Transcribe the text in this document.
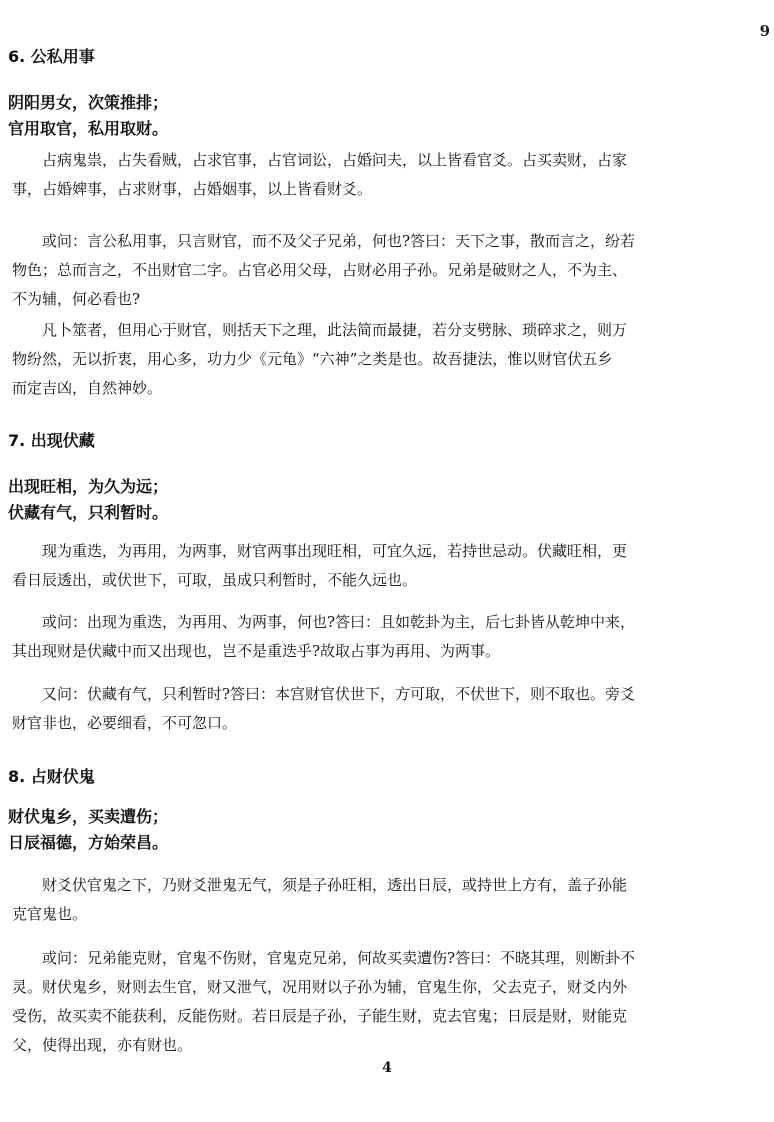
9
6. 公私用事
阴阳男女，次策推排；
官用取官，私用取财。
　　占病鬼祟，占失看贼，占求官事，占官词讼，占婚问夫，以上皆看官爻。占买卖财，占家
事，占婚婢事，占求财事，占婚姻事，以上皆看财爻。
　　或问：言公私用事，只言财官，而不及父子兄弟，何也?答曰：天下之事，散而言之，纷若
物色；总而言之，不出财官二字。占官必用父母，占财必用子孙。兄弟是破财之人，不为主、
不为辅，何必看也?
　　凡卜筮者，但用心于财官，则括天下之理，此法简而最捷，若分支劈脉、琐碎求之，则万
物纷然，无以折衷，用心多，功力少《元龟》“六神”之类是也。故吾捷法，惟以财官伏五乡
而定吉凶，自然神妙。
7. 出现伏藏
出现旺相，为久为远；
伏藏有气，只利暂时。
　　现为重迭，为再用，为两事，财官两事出现旺相，可宜久远，若持世忌动。伏藏旺相，更
看日辰透出，或伏世下，可取，虽成只利暂时，不能久远也。
　　或问：出现为重迭，为再用、为两事，何也?答曰：且如乾卦为主，后七卦皆从乾坤中来，
其出现财是伏藏中而又出现也，岂不是重迭乎?故取占事为再用、为两事。
　　又问：伏藏有气，只利暂时?答曰：本宫财官伏世下，方可取，不伏世下，则不取也。旁爻
财官非也，必要细看，不可忽口。
8. 占财伏鬼
财伏鬼乡，买卖遭伤；
日辰福德，方始荣昌。
　　财爻伏官鬼之下，乃财爻泄鬼无气，须是子孙旺相，透出日辰，或持世上方有，盖子孙能
克官鬼也。
　　或问：兄弟能克财，官鬼不伤财，官鬼克兄弟，何故买卖遭伤?答曰：不晓其理，则断卦不
灵。财伏鬼乡，财则去生官，财又泄气，况用财以子孙为辅，官鬼生你，父去克子，财爻内外
受伤，故买卖不能获利，反能伤财。若日辰是子孙，子能生财，克去官鬼；日辰是财，财能克
父，使得出现，亦有财也。
4
